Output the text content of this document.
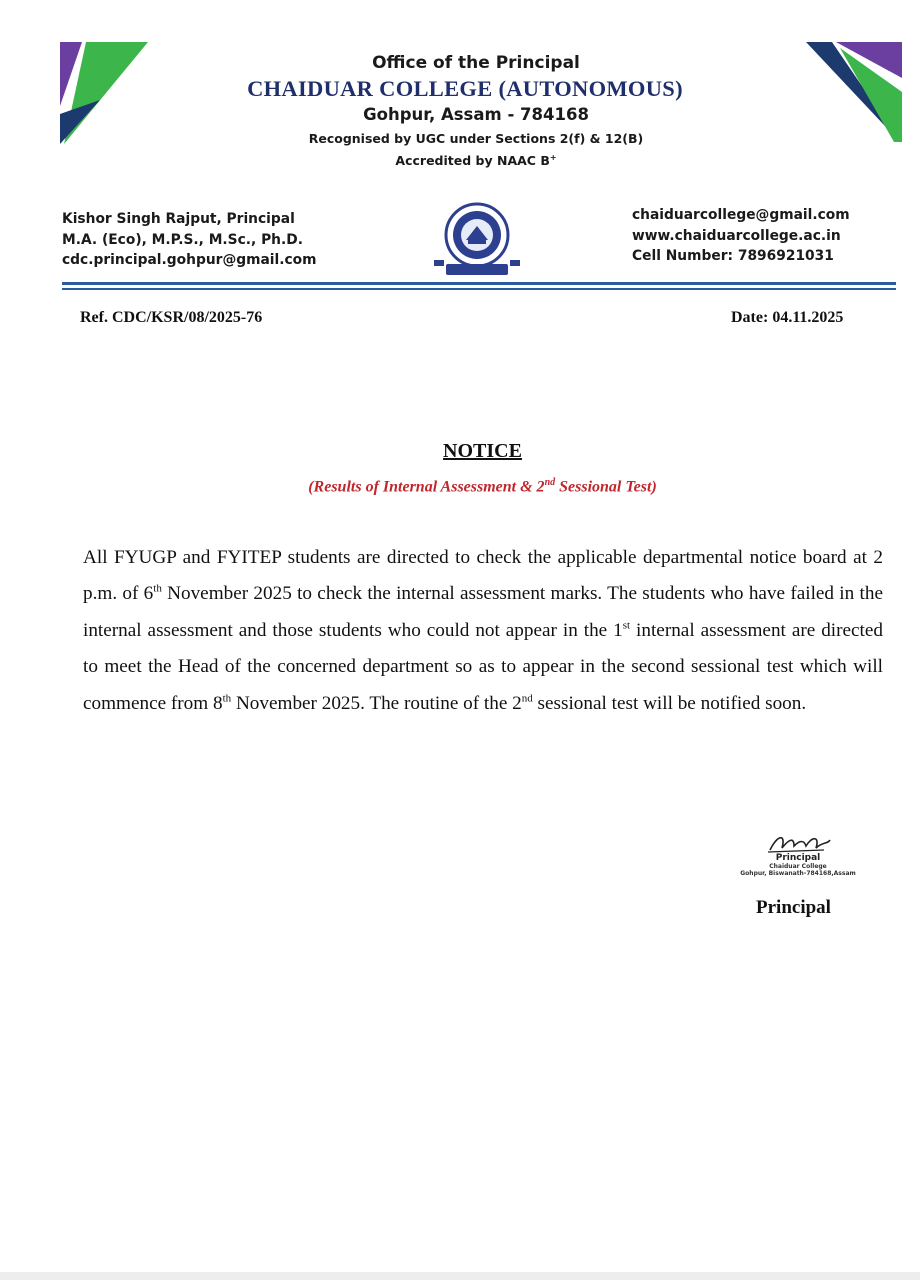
Office of the Principal
CHAIDUAR COLLEGE (AUTONOMOUS)
Gohpur, Assam - 784168
Recognised by UGC under Sections 2(f) & 12(B)
Accredited by NAAC B+
Kishor Singh Rajput, Principal
M.A. (Eco), M.P.S., M.Sc., Ph.D.
cdc.principal.gohpur@gmail.com
chaiduarcollege@gmail.com
www.chaiduarcollege.ac.in
Cell Number: 7896921031
Ref. CDC/KSR/08/2025-76	Date: 04.11.2025
NOTICE
(Results of Internal Assessment & 2nd Sessional Test)

All FYUGP and FYITEP students are directed to check the applicable departmental notice board at 2 p.m. of 6th November 2025 to check the internal assessment marks. The students who have failed in the internal assessment and those students who could not appear in the 1st internal assessment are directed to meet the Head of the concerned department so as to appear in the second sessional test which will commence from 8th November 2025. The routine of the 2nd sessional test will be notified soon.

Principal
Chaiduar College
Gohpur, Biswanath-784168,Assam
Principal
